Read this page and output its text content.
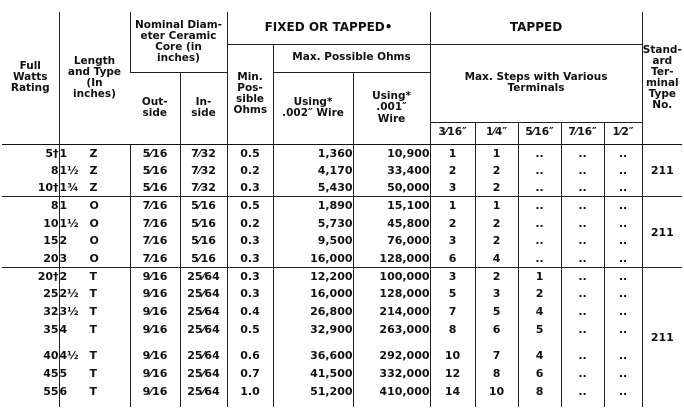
Full Watts Rating	Length and Type (In inches)	Nominal Diam- eter Ceramic Core (in inches)		FIXED OR TAPPED•			TAPPED					Stand- ard Ter- minal Type No.
				Min. Pos- sible Ohms	Max. Possible Ohms		Max. Steps with Various Terminals					
		Out- side	In- side		Using* .002″ Wire	Using* .001″ Wire						
							3⁄16″	1⁄4″	5⁄16″	7⁄16″	1⁄2″	
5†	1 Z	5⁄16	7⁄32	0.5	1,360	10,900	1	1	..	..	..	211
8	1½ Z	5⁄16	7⁄32	0.2	4,170	33,400	2	2	..	..	..	
10†	1¾ Z	5⁄16	7⁄32	0.3	5,430	50,000	3	2	..	..	..	
8	1 O	7⁄16	5⁄16	0.5	1,890	15,100	1	1	..	..	..	211
10	1½ O	7⁄16	5⁄16	0.2	5,730	45,800	2	2	..	..	..	
15	2 O	7⁄16	5⁄16	0.3	9,500	76,000	3	2	..	..	..	
20	3 O	7⁄16	5⁄16	0.3	16,000	128,000	6	4	..	..	..	
20†	2 T	9⁄16	25⁄64	0.3	12,200	100,000	3	2	1	..	..	211
25	2½ T	9⁄16	25⁄64	0.3	16,000	128,000	5	3	2	..	..	
32	3½ T	9⁄16	25⁄64	0.4	26,800	214,000	7	5	4	..	..	
35	4 T	9⁄16	25⁄64	0.5	32,900	263,000	8	6	5	..	..	

40	4½ T	9⁄16	25⁄64	0.6	36,600	292,000	10	7	4	..	..	
45	5 T	9⁄16	25⁄64	0.7	41,500	332,000	12	8	6	..	..	
55	6 T	9⁄16	25⁄64	1.0	51,200	410,000	14	10	8	..	..	
